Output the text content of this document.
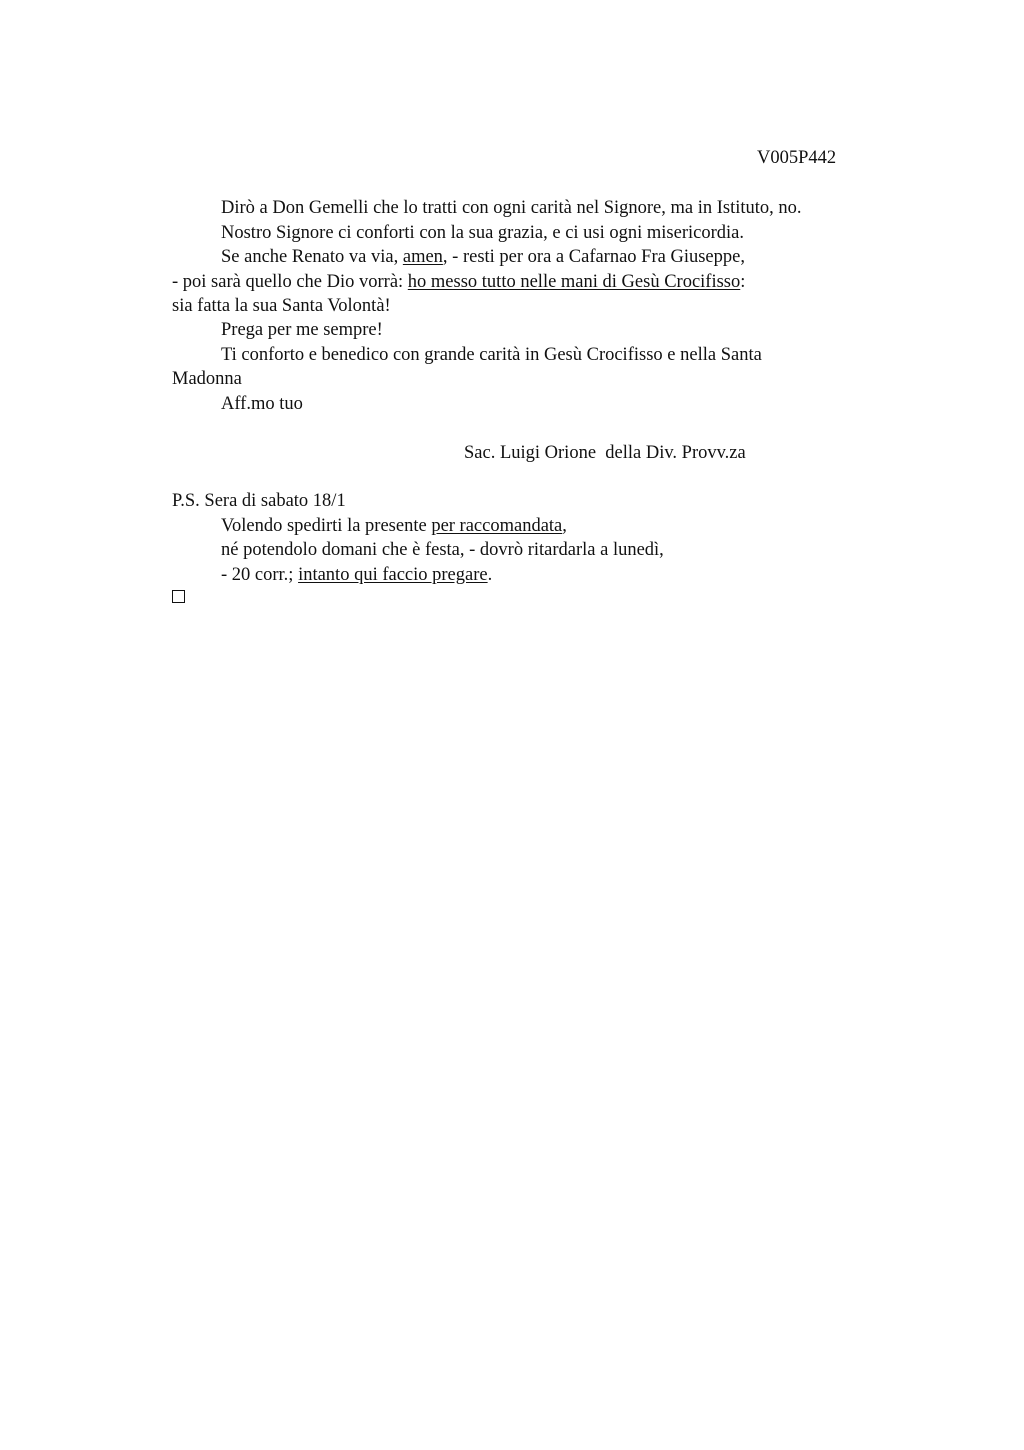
V005P442
Dirò a Don Gemelli che lo tratti con ogni carità nel Signore, ma in Istituto, no.
Nostro Signore ci conforti con la sua grazia, e ci usi ogni misericordia.
Se anche Renato va via, amen, - resti per ora a Cafarnao Fra Giuseppe,
- poi sarà quello che Dio vorrà: ho messo tutto nelle mani di Gesù Crocifisso:
sia fatta la sua Santa Volontà!
Prega per me sempre!
Ti conforto e benedico con grande carità in Gesù Crocifisso e nella Santa
Madonna
Aff.mo tuo
Sac. Luigi Orione  della Div. Provv.za
P.S. Sera di sabato 18/1
Volendo spedirti la presente per raccomandata,
né potendolo domani che è festa, - dovrò ritardarla a lunedì,
- 20 corr.; intanto qui faccio pregare.
